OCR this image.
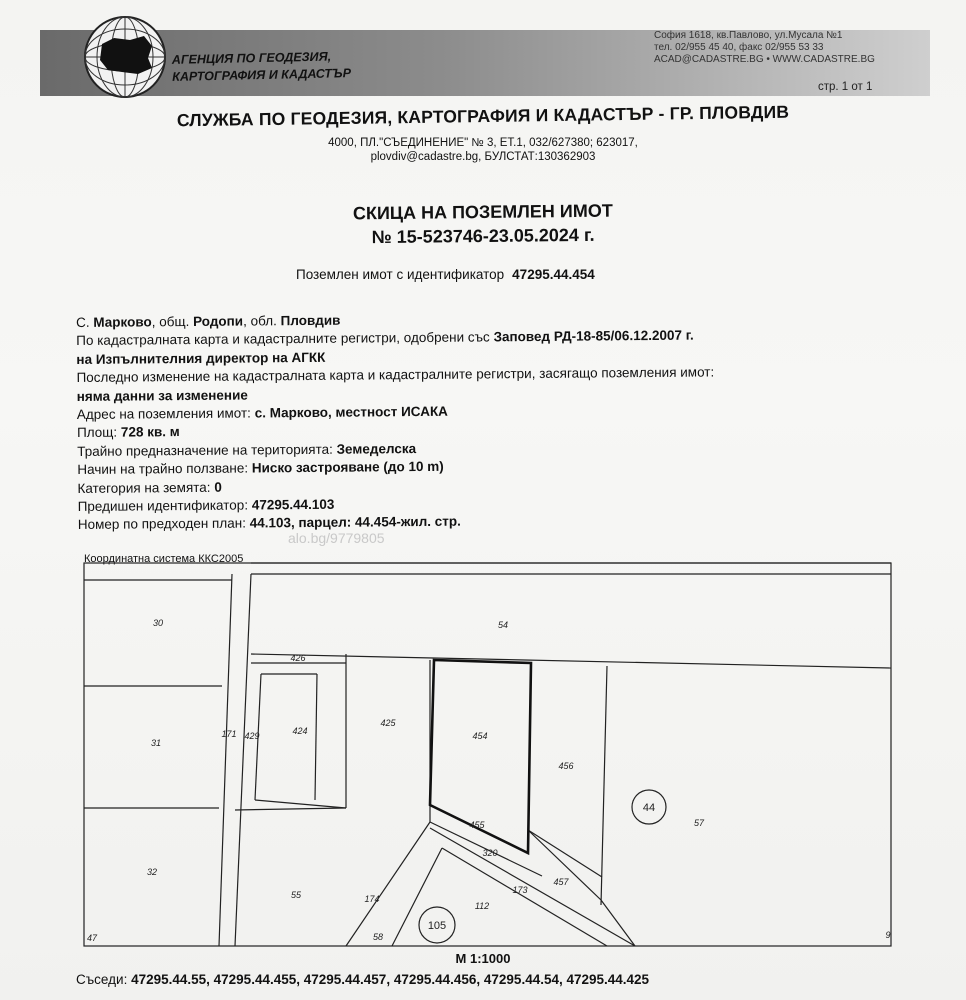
АГЕНЦИЯ ПО ГЕОДЕЗИЯ,
КАРТОГРАФИЯ И КАДАСТЪР
София 1618, кв.Павлово, ул.Мусала №1
тел. 02/955 45 40, факс 02/955 53 33
ACAD@CADASTRE.BG • WWW.CADASTRE.BG
стр. 1 от 1
СЛУЖБА ПО ГЕОДЕЗИЯ, КАРТОГРАФИЯ И КАДАСТЪР - ГР. ПЛОВДИВ
4000, ПЛ."СЪЕДИНЕНИЕ" № 3, ЕТ.1, 032/627380; 623017,
plovdiv@cadastre.bg, БУЛСТАТ:130362903
СКИЦА НА ПОЗЕМЛЕН ИМОТ
№ 15-523746-23.05.2024 г.
Поземлен имот с идентификатор 47295.44.454
С. Марково, общ. Родопи, обл. Пловдив
По кадастралната карта и кадастралните регистри, одобрени със Заповед РД-18-85/06.12.2007 г.
на Изпълнителния директор на АГКК
Последно изменение на кадастралната карта и кадастралните регистри, засягащо поземления имот:
няма данни за изменение
Адрес на поземления имот: с. Марково, местност ИСАКА
Площ: 728 кв. м
Трайно предназначение на територията: Земеделска
Начин на трайно ползване: Ниско застрояване (до 10 m)
Категория на земята: 0
Предишен идентификатор: 47295.44.103
Номер по предходен план: 44.103, парцел: 44.454-жил. стр.
alo.bg/9779805
Координатна система ККС2005
30	54
426
31
171 429	424
425
454
456
44
57
32
455
320
55	173
457
174
112
105
47	9
58
М 1:1000
Съседи: 47295.44.55, 47295.44.455, 47295.44.457, 47295.44.456, 47295.44.54, 47295.44.425
